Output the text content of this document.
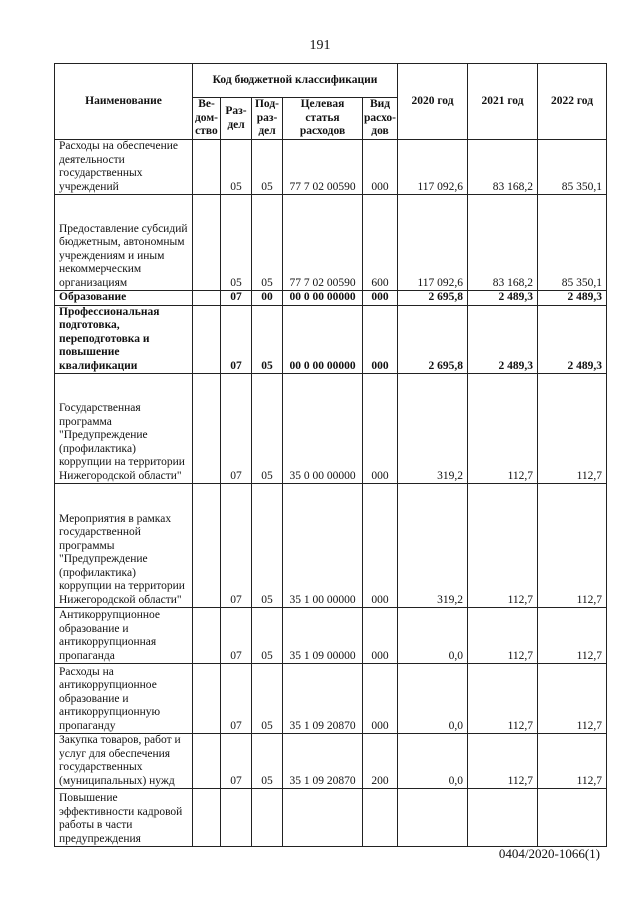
191
Наименование	Код бюджетной классификации					2020 год	2021 год	2022 год
	Ве-дом-ство	Раз-дел	Под-раз-дел	Целевая статья расходов	Вид расхо-дов			
Расходы на обеспечение деятельности государственных учреждений		05	05	77 7 02 00590	000	117 092,6	83 168,2	85 350,1
Предоставление субсидий бюджетным, автономным учреждениям и иным некоммерческим организациям		05	05	77 7 02 00590	600	117 092,6	83 168,2	85 350,1
Образование		07	00	00 0 00 00000	000	2 695,8	2 489,3	2 489,3
Профессиональная подготовка, переподготовка и повышение квалификации		07	05	00 0 00 00000	000	2 695,8	2 489,3	2 489,3
Государственная программа "Предупреждение (профилактика) коррупции на территории Нижегородской области"		07	05	35 0 00 00000	000	319,2	112,7	112,7
Мероприятия в рамках государственной программы "Предупреждение (профилактика) коррупции на территории Нижегородской области"		07	05	35 1 00 00000	000	319,2	112,7	112,7
Антикоррупционное образование и антикоррупционная пропаганда		07	05	35 1 09 00000	000	0,0	112,7	112,7
Расходы на антикоррупционное образование и антикоррупционную пропаганду		07	05	35 1 09 20870	000	0,0	112,7	112,7
Закупка товаров, работ и услуг для обеспечения государственных (муниципальных) нужд		07	05	35 1 09 20870	200	0,0	112,7	112,7
Повышение эффективности кадровой работы в части предупреждения								
0404/2020-1066(1)
